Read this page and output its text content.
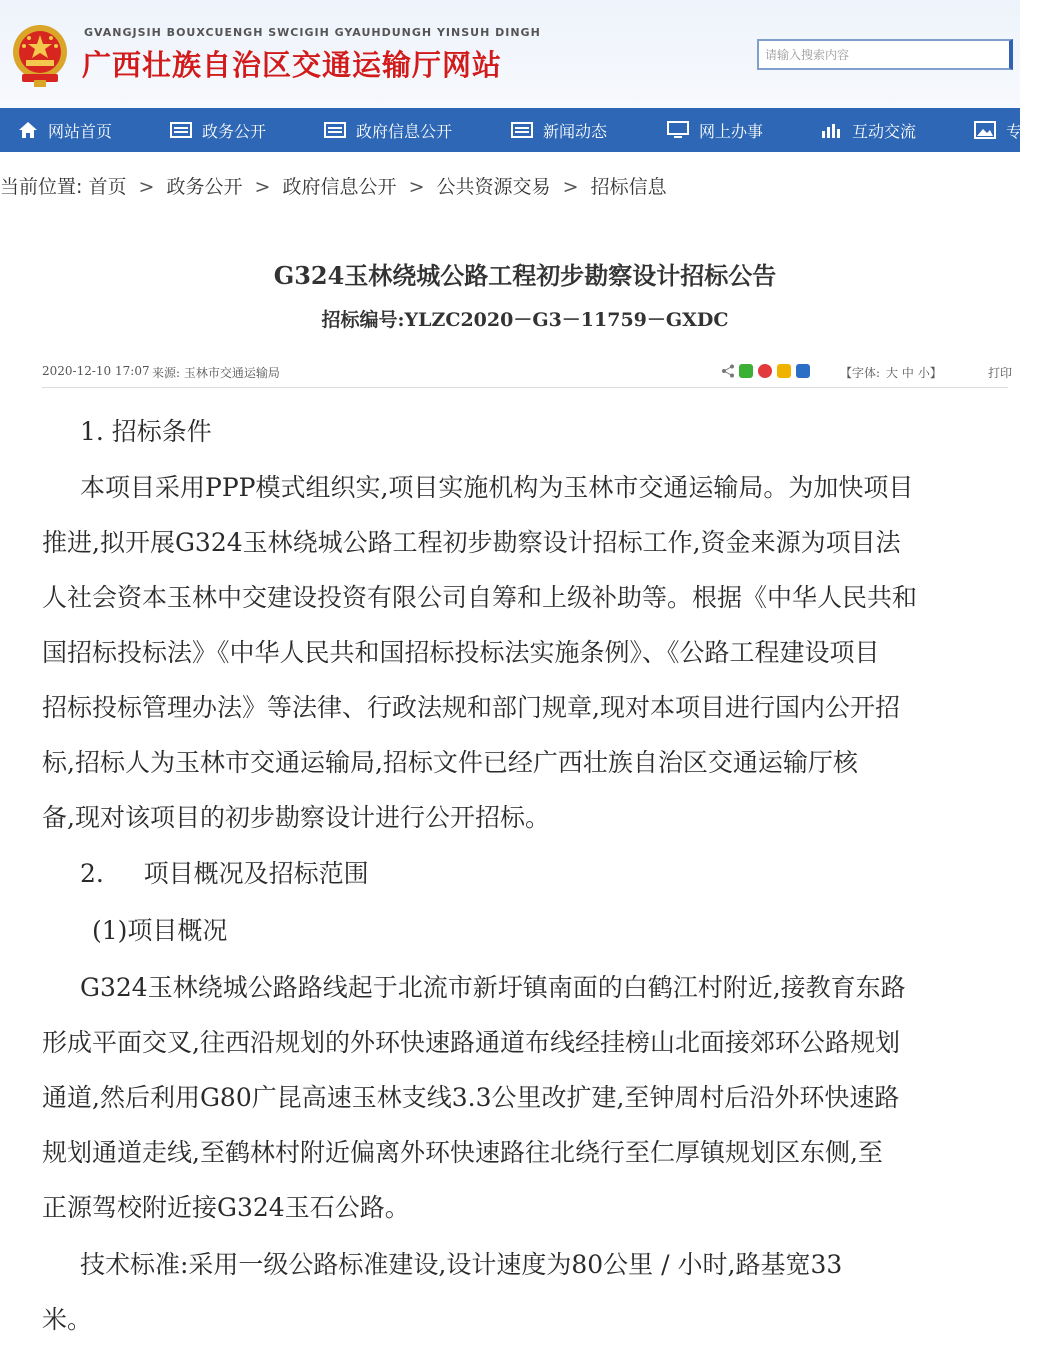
GVANGJSIH BOUXCUENGH SWCIGIH GYAUHDUNGH YINSUH DINGH
广西壮族自治区交通运输厅网站
请输入搜索内容
网站首页	政务公开	政府信息公开	新闻动态	网上办事	互动交流	专
当前位置: 首页 > 政务公开 > 政府信息公开 > 公共资源交易 > 招标信息
G324玉林绕城公路工程初步勘察设计招标公告
招标编号:YLZC2020－G3－11759－GXDC
2020-12-10 17:07 来源: 玉林市交通运输局	【字体: 大 中 小】	打印
1. 招标条件
本项目采用PPP模式组织实,项目实施机构为玉林市交通运输局。为加快项目
推进,拟开展G324玉林绕城公路工程初步勘察设计招标工作,资金来源为项目法
人社会资本玉林中交建设投资有限公司自筹和上级补助等。根据《中华人民共和
国招标投标法》《中华人民共和国招标投标法实施条例》、《公路工程建设项目
招标投标管理办法》等法律、行政法规和部门规章,现对本项目进行国内公开招
标,招标人为玉林市交通运输局,招标文件已经广西壮族自治区交通运输厅核
备,现对该项目的初步勘察设计进行公开招标。
2.     项目概况及招标范围
(1)项目概况
G324玉林绕城公路路线起于北流市新圩镇南面的白鹤江村附近,接教育东路
形成平面交叉,往西沿规划的外环快速路通道布线经挂榜山北面接郊环公路规划
通道,然后利用G80广昆高速玉林支线3.3公里改扩建,至钟周村后沿外环快速路
规划通道走线,至鹤林村附近偏离外环快速路往北绕行至仁厚镇规划区东侧,至
正源驾校附近接G324玉石公路。
技术标准:采用一级公路标准建设,设计速度为80公里 / 小时,路基宽33
米。
